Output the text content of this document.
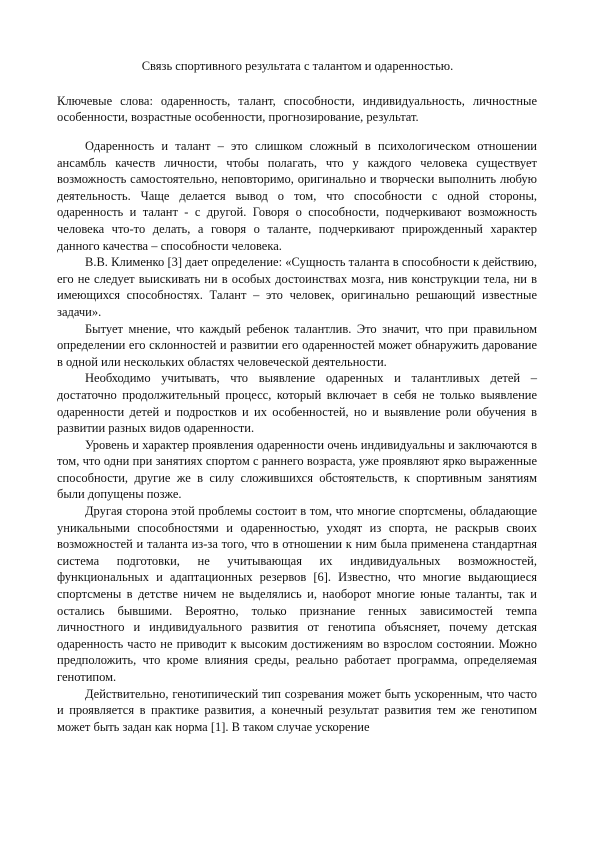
Связь спортивного результата с талантом и одаренностью.
Ключевые слова: одаренность, талант, способности, индивидуальность, личностные особенности, возрастные особенности, прогнозирование, результат.

Одаренность и талант – это слишком сложный в психологическом отношении ансамбль качеств личности, чтобы полагать, что у каждого человека существует возможность самостоятельно, неповторимо, оригинально и творчески выполнить любую деятельность. Чаще делается вывод о том, что способности с одной стороны, одаренность и талант - с другой. Говоря о способности, подчеркивают возможность человека что-то делать, а говоря о таланте, подчеркивают прирожденный характер данного качества – способности человека.

В.В. Клименко [3] дает определение: «Сущность таланта в способности к действию, его не следует выискивать ни в особых достоинствах мозга, нив конструкции тела, ни в имеющихся способностях. Талант – это человек, оригинально решающий известные задачи».

Бытует мнение, что каждый ребенок талантлив. Это значит, что при правильном определении его склонностей и развитии его одаренностей может обнаружить дарование в одной или нескольких областях человеческой деятельности.

Необходимо учитывать, что выявление одаренных и талантливых детей – достаточно продолжительный процесс, который включает в себя не только выявление одаренности детей и подростков и их особенностей, но и выявление роли обучения в развитии разных видов одаренности.

Уровень и характер проявления одаренности очень индивидуальны и заключаются в том, что одни при занятиях спортом с раннего возраста, уже проявляют ярко выраженные способности, другие же в силу сложившихся обстоятельств, к спортивным занятиям были допущены позже.

Другая сторона этой проблемы состоит в том, что многие спортсмены, обладающие уникальными способностями и одаренностью, уходят из спорта, не раскрыв своих возможностей и таланта из-за того, что в отношении к ним была применена стандартная система подготовки, не учитывающая их индивидуальных возможностей, функциональных и адаптационных резервов [6]. Известно, что многие выдающиеся спортсмены в детстве ничем не выделялись и, наоборот многие юные таланты, так и остались бывшими. Вероятно, только признание генных зависимостей темпа личностного и индивидуального развития от генотипа объясняет, почему детская одаренность часто не приводит к высоким достижениям во взрослом состоянии. Можно предположить, что кроме влияния среды, реально работает программа, определяемая генотипом.

Действительно, генотипический тип созревания может быть ускоренным, что часто и проявляется в практике развития, а конечный результат развития тем же генотипом может быть задан как норма [1]. В таком случае ускорение
